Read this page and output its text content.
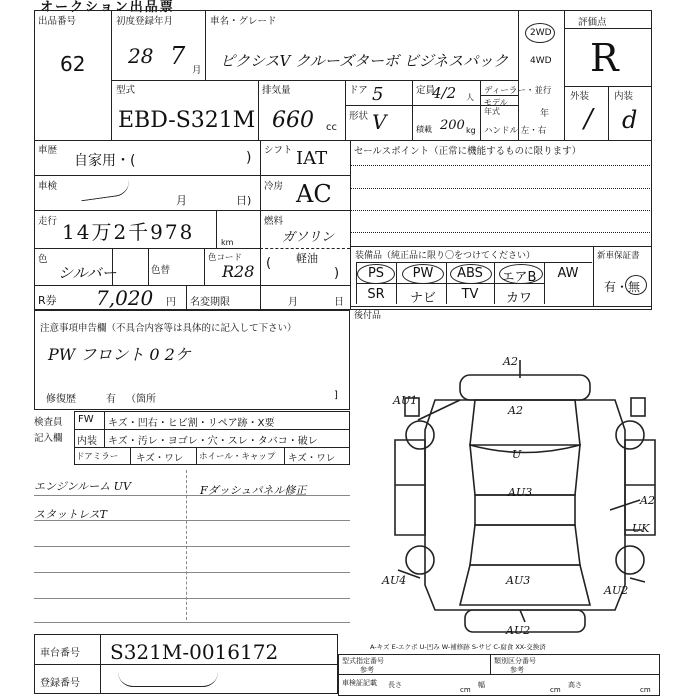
オークション出品票
出品番号
62
初度登録年月
28 7
月
車名・グレード
ピクシスV クルーズターボ ビジネスパック
2WD
4WD
評価点
R
外装	内装
/ d
型式
EBD-S321M
排気量
660 cc
ドア 5
形状 V
定員
4/2 人
積載 200 kg
ディーラー・並行
モデル年式	年
ハンドル 左・右
車歴
自家用・(	) シフト IAT
車検
月	日)
冷房 AC
走行 14万2千978	km
燃料
ガソリン
( 軽油
)
色
シルバー	色替
色コード
R28
R券 7,020 円 名変期限	月	日
セールスポイント（正常に機能するものに限ります）
装備品（純正品に限り〇をつけてください）
PS	PW	ABS	エアB	AW
SR	ナビ	TV	カワ
新車保証書
有・無
後付品
注意事項申告欄（不具合内容等は具体的に記入して下さい）
PW フロント 0 2ケ
修復歴	有 （箇所	]
検査員
記入欄
FW キズ・凹右・ヒビ割・リペア跡・X要
内装 キズ・汚レ・ヨゴレ・穴・スレ・タバコ・破レ
ドアミラー キズ・ワレ ホイール・キャップ キズ・ワレ
エンジンルーム UV
スタットレスT
Fダッシュパネル修正
A2
AU1
A2
U
AU3
A2
UK
AU4	AU3
AU2
AU2
A-キズ E-エクボ U-凹み W-補修跡 S-サビ C-腐食 XX-交換済
車台番号 S321M-0016172
登録番号
型式指定番号
参考
類別区分番号
参考
車検証記載 長さ
cm
幅
cm
高さ
cm
